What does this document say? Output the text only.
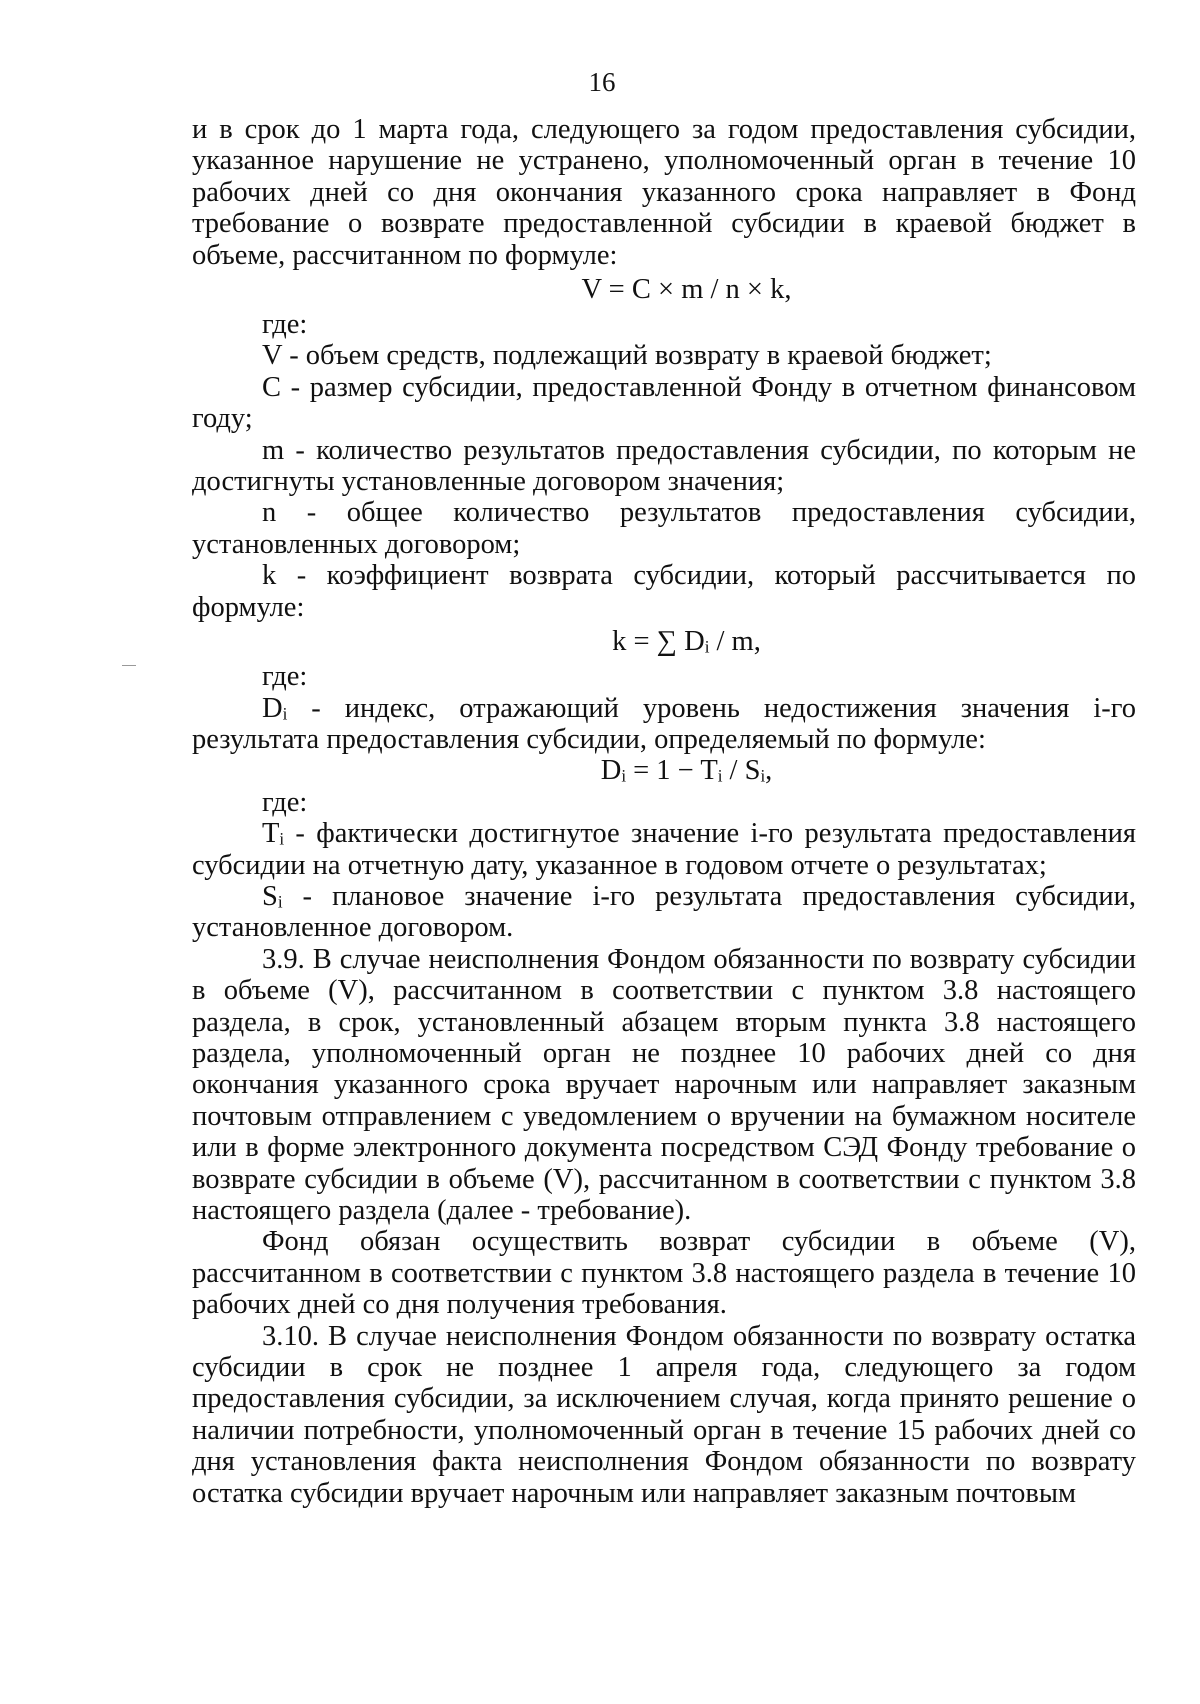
16

и в срок до 1 марта года, следующего за годом предоставления субсидии, указанное нарушение не устранено, уполномоченный орган в течение 10 рабочих дней со дня окончания указанного срока направляет в Фонд требование о возврате предоставленной субсидии в краевой бюджет в объеме, рассчитанном по формуле:

V = C × m / n × k,

где:

V - объем средств, подлежащий возврату в краевой бюджет;

C - размер субсидии, предоставленной Фонду в отчетном финансовом году;

m - количество результатов предоставления субсидии, по которым не достигнуты установленные договором значения;

n - общее количество результатов предоставления субсидии, установленных договором;

k - коэффициент возврата субсидии, который рассчитывается по формуле:

k = ∑ Dᵢ / m,

где:

Dᵢ - индекс, отражающий уровень недостижения значения i-го результата предоставления субсидии, определяемый по формуле:

Dᵢ = 1 − Tᵢ / Sᵢ,

где:

Tᵢ - фактически достигнутое значение i-го результата предоставления субсидии на отчетную дату, указанное в годовом отчете о результатах;

Sᵢ - плановое значение i-го результата предоставления субсидии, установленное договором.

3.9. В случае неисполнения Фондом обязанности по возврату субсидии в объеме (V), рассчитанном в соответствии с пунктом 3.8 настоящего раздела, в срок, установленный абзацем вторым пункта 3.8 настоящего раздела, уполномоченный орган не позднее 10 рабочих дней со дня окончания указанного срока вручает нарочным или направляет заказным почтовым отправлением с уведомлением о вручении на бумажном носителе или в форме электронного документа посредством СЭД Фонду требование о возврате субсидии в объеме (V), рассчитанном в соответствии с пунктом 3.8 настоящего раздела (далее - требование).

Фонд обязан осуществить возврат субсидии в объеме (V), рассчитанном в соответствии с пунктом 3.8 настоящего раздела в течение 10 рабочих дней со дня получения требования.

3.10. В случае неисполнения Фондом обязанности по возврату остатка субсидии в срок не позднее 1 апреля года, следующего за годом предоставления субсидии, за исключением случая, когда принято решение о наличии потребности, уполномоченный орган в течение 15 рабочих дней со дня установления факта неисполнения Фондом обязанности по возврату остатка субсидии вручает нарочным или направляет заказным почтовым
